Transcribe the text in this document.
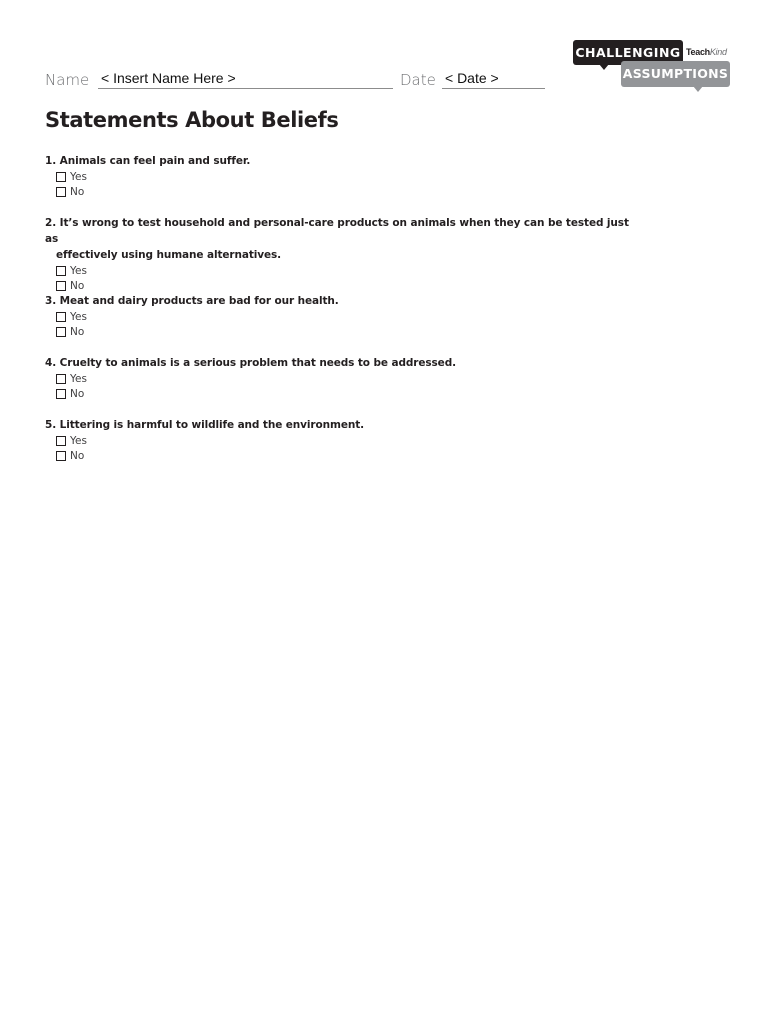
Name < Insert Name Here >	Date < Date >
CHALLENGING TeachKind
ASSUMPTIONS
Statements About Beliefs
1. Animals can feel pain and suffer.
Yes
No
2. It’s wrong to test household and personal-care products on animals when they can be tested just as
effectively using humane alternatives.
Yes
No
3. Meat and dairy products are bad for our health.
Yes
No
4. Cruelty to animals is a serious problem that needs to be addressed.
Yes
No
5. Littering is harmful to wildlife and the environment.
Yes
No
